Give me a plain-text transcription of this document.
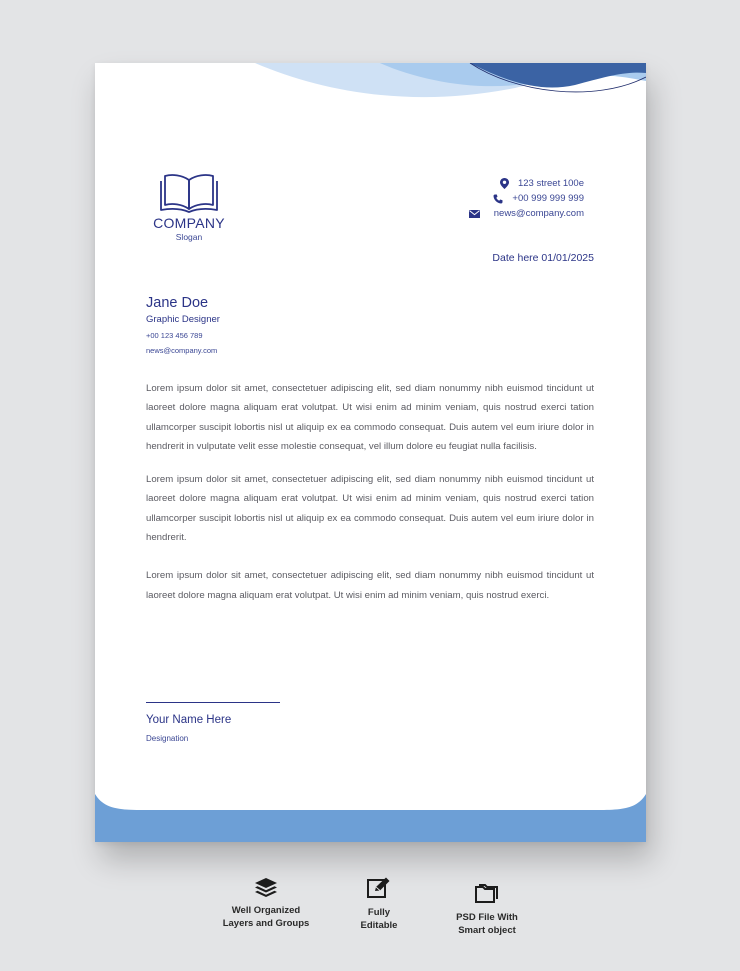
COMPANY
Slogan
123 street 100e
+00 999 999 999
news@company.com
Date here 01/01/2025
Jane Doe
Graphic Designer
+00 123 456 789
news@company.com

Lorem ipsum dolor sit amet, consectetuer adipiscing elit, sed diam nonummy nibh euismod tincidunt ut laoreet dolore magna aliquam erat volutpat. Ut wisi enim ad minim veniam, quis nostrud exerci tation ullamcorper suscipit lobortis nisl ut aliquip ex ea commodo consequat. Duis autem vel eum iriure dolor in hendrerit in vulputate velit esse molestie consequat, vel illum dolore eu feugiat nulla facilisis.

Lorem ipsum dolor sit amet, consectetuer adipiscing elit, sed diam nonummy nibh euismod tincidunt ut laoreet dolore magna aliquam erat volutpat. Ut wisi enim ad minim veniam, quis nostrud exerci tation ullamcorper suscipit lobortis nisl ut aliquip ex ea commodo consequat. Duis autem vel eum iriure dolor in hendrerit.

Lorem ipsum dolor sit amet, consectetuer adipiscing elit, sed diam nonummy nibh euismod tincidunt ut laoreet dolore magna aliquam erat volutpat. Ut wisi enim ad minim veniam, quis nostrud exerci.

Your Name Here
Designation
Well Organized
Layers and Groups
Fully
Editable
PSD File With
Smart object
